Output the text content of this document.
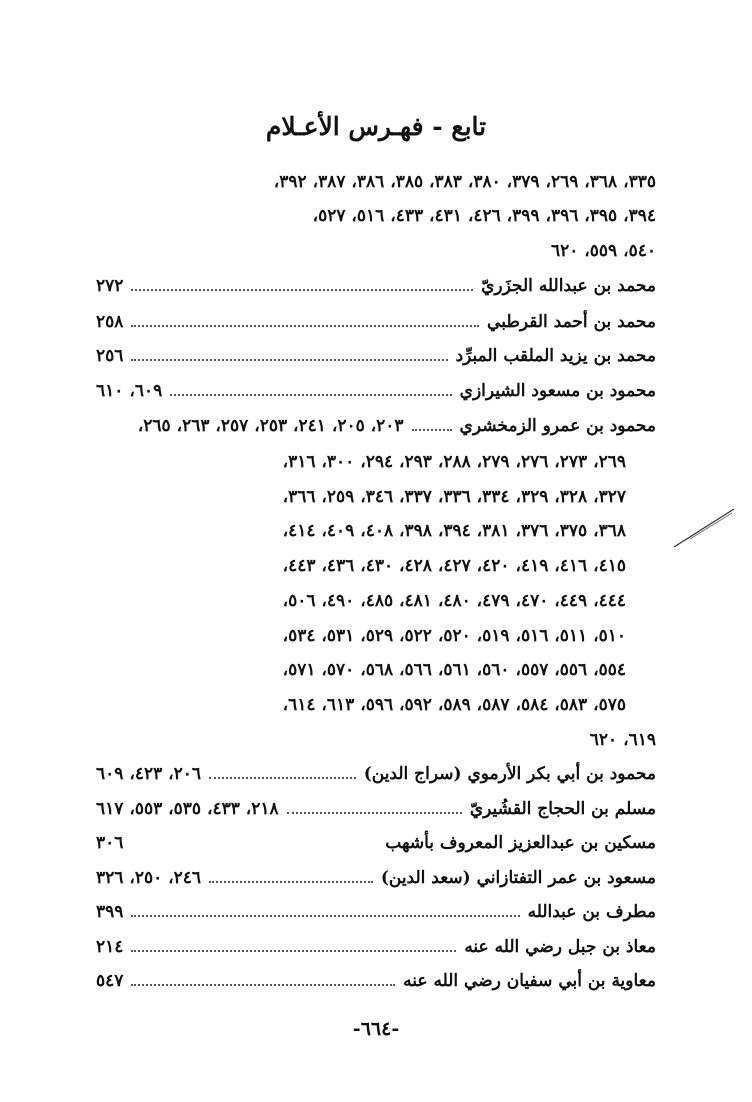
تابع - فهـرس الأعـلام
٣٣٥، ٣٦٨، ٢٦٩، ٣٧٩، ٣٨٠، ٣٨٣، ٣٨٥، ٣٨٦، ٣٨٧، ٣٩٢،
٣٩٤، ٣٩٥، ٣٩٦، ٣٩٩، ٤٢٦، ٤٣١، ٤٣٣، ٥١٦، ٥٢٧،
٥٤٠، ٥٥٩، ٦٢٠
محمد بن عبدالله الجزَريّ
٢٧٢
محمد بن أحمد القرطبي
٢٥٨
محمد بن يزيد الملقب المبرِّد
٢٥٦
محمود بن مسعود الشيرازي
٦٠٩، ٦١٠
محمود بن عمرو الزمخشري
٢٠٣، ٢٠٥، ٢٤١، ٢٥٣، ٢٥٧، ٢٦٣، ٢٦٥،
٢٦٩، ٢٧٣، ٢٧٦، ٢٧٩، ٢٨٨، ٢٩٣، ٢٩٤، ٣٠٠، ٣١٦،
٣٢٧، ٣٢٨، ٣٢٩، ٣٣٤، ٣٣٦، ٣٣٧، ٣٤٦، ٢٥٩، ٣٦٦،
٣٦٨، ٣٧٥، ٣٧٦، ٣٨١، ٣٩٤، ٣٩٨، ٤٠٨، ٤٠٩، ٤١٤،
٤١٥، ٤١٦، ٤١٩، ٤٢٠، ٤٢٧، ٤٢٨، ٤٣٠، ٤٣٦، ٤٤٣،
٤٤٤، ٤٤٩، ٤٧٠، ٤٧٩، ٤٨٠، ٤٨١، ٤٨٥، ٤٩٠، ٥٠٦،
٥١٠، ٥١١، ٥١٦، ٥١٩، ٥٢٠، ٥٢٢، ٥٢٩، ٥٣١، ٥٣٤،
٥٥٤، ٥٥٦، ٥٥٧، ٥٦٠، ٥٦١، ٥٦٦، ٥٦٨، ٥٧٠، ٥٧١،
٥٧٥، ٥٨٣، ٥٨٤، ٥٨٧، ٥٨٩، ٥٩٢، ٥٩٦، ٦١٣، ٦١٤،
٦١٩، ٦٢٠
محمود بن أبي بكر الأرموي (سراج الدين)
٢٠٦، ٤٢٣، ٦٠٩
مسلم بن الحجاج القشُيريّ
٢١٨، ٤٣٣، ٥٣٥، ٥٥٣، ٦١٧
مسكين بن عبدالعزيز المعروف بأشهب
٣٠٦
مسعود بن عمر التفتازاني (سعد الدين)
٢٤٦، ٢٥٠، ٣٢٦
مطرف بن عبدالله
٣٩٩
معاذ بن جبل رضي الله عنه
٢١٤
معاوية بن أبي سفيان رضي الله عنه
٥٤٧
-٦٦٤-
